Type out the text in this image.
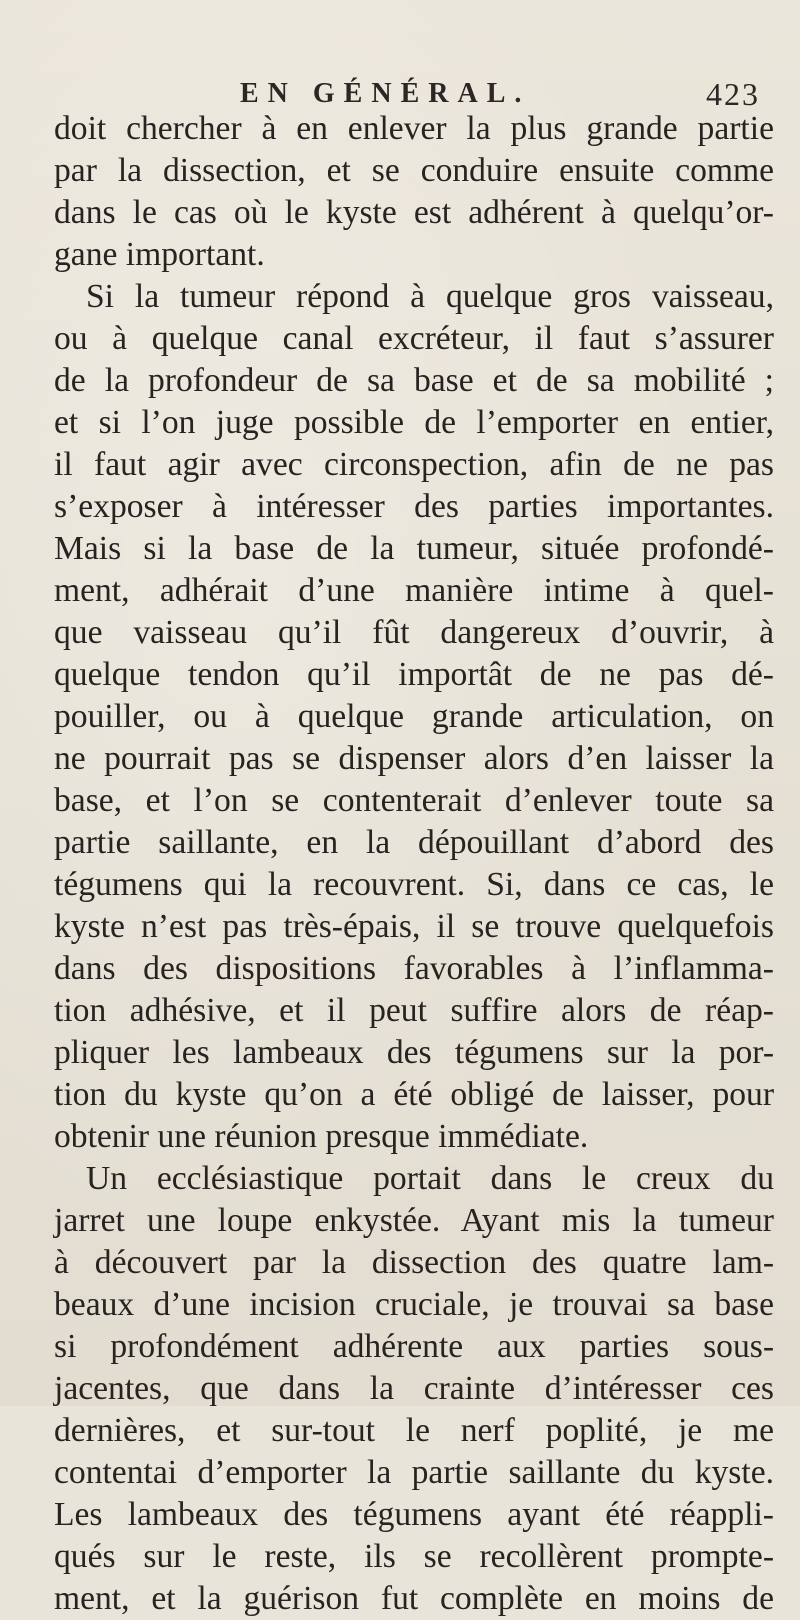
EN GÉNÉRAL.	423
doit chercher à en enlever la plus grande partie
par la dissection, et se conduire ensuite comme
dans le cas où le kyste est adhérent à quelqu’or-
gane important.
Si la tumeur répond à quelque gros vaisseau,
ou à quelque canal excréteur, il faut s’assurer
de la profondeur de sa base et de sa mobilité ;
et si l’on juge possible de l’emporter en entier,
il faut agir avec circonspection, afin de ne pas
s’exposer à intéresser des parties importantes.
Mais si la base de la tumeur, située profondé-
ment, adhérait d’une manière intime à quel-
que vaisseau qu’il fût dangereux d’ouvrir, à
quelque tendon qu’il importât de ne pas dé-
pouiller, ou à quelque grande articulation, on
ne pourrait pas se dispenser alors d’en laisser la
base, et l’on se contenterait d’enlever toute sa
partie saillante, en la dépouillant d’abord des
tégumens qui la recouvrent. Si, dans ce cas, le
kyste n’est pas très-épais, il se trouve quelquefois
dans des dispositions favorables à l’inflamma-
tion adhésive, et il peut suffire alors de réap-
pliquer les lambeaux des tégumens sur la por-
tion du kyste qu’on a été obligé de laisser, pour
obtenir une réunion presque immédiate.
Un ecclésiastique portait dans le creux du
jarret une loupe enkystée. Ayant mis la tumeur
à découvert par la dissection des quatre lam-
beaux d’une incision cruciale, je trouvai sa base
si profondément adhérente aux parties sous-
jacentes, que dans la crainte d’intéresser ces
dernières, et sur-tout le nerf poplité, je me
contentai d’emporter la partie saillante du kyste.
Les lambeaux des tégumens ayant été réappli-
qués sur le reste, ils se recollèrent prompte-
ment, et la guérison fut complète en moins de
